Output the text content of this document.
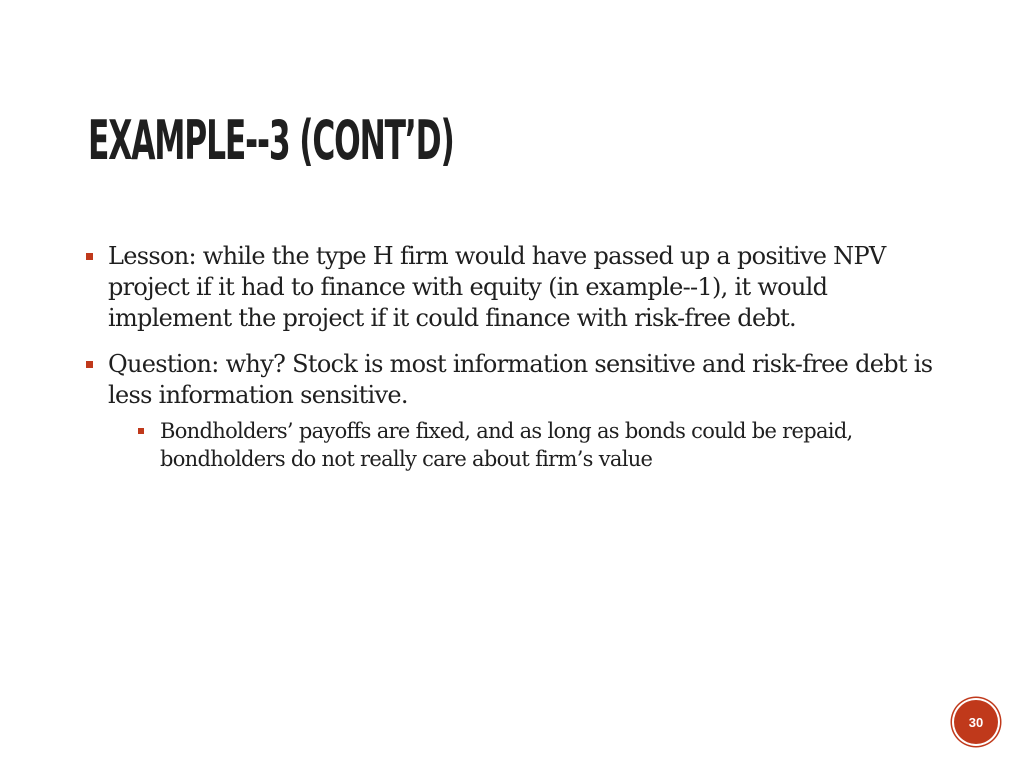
EXAMPLE--3 (CONT’D)
Lesson: while the type H firm would have passed up a positive NPV project if it had to finance with equity (in example--1), it would implement the project if it could finance with risk-free debt.
Question: why? Stock is most information sensitive and risk-free debt is less information sensitive.
Bondholders’ payoffs are fixed, and as long as bonds could be repaid, bondholders do not really care about firm’s value
30
